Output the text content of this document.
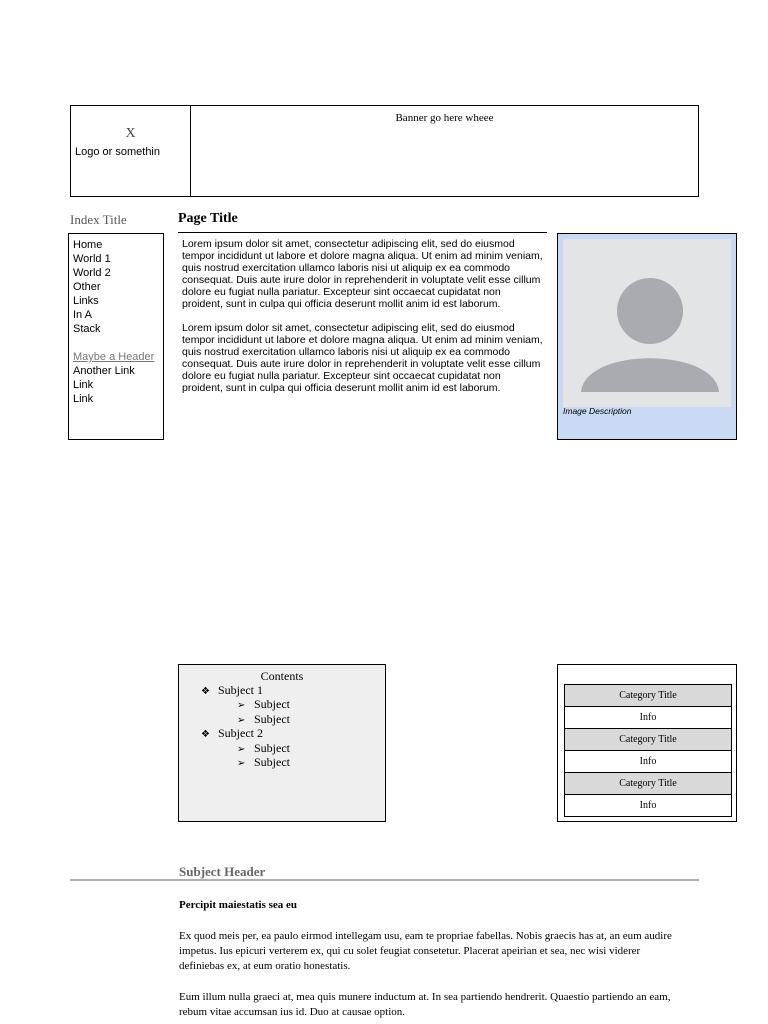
X
Logo or somethin
Banner go here wheee
Index Title
Home
World 1
World 2
Other
Links
In A
Stack
Maybe a Header
Another Link
Link
Link
Page Title

Lorem ipsum dolor sit amet, consectetur adipiscing elit, sed do eiusmod tempor incididunt ut labore et dolore magna aliqua. Ut enim ad minim veniam, quis nostrud exercitation ullamco laboris nisi ut aliquip ex ea commodo consequat. Duis aute irure dolor in reprehenderit in voluptate velit esse cillum dolore eu fugiat nulla pariatur. Excepteur sint occaecat cupidatat non proident, sunt in culpa qui officia deserunt mollit anim id est laborum.

Lorem ipsum dolor sit amet, consectetur adipiscing elit, sed do eiusmod tempor incididunt ut labore et dolore magna aliqua. Ut enim ad minim veniam, quis nostrud exercitation ullamco laboris nisi ut aliquip ex ea commodo consequat. Duis aute irure dolor in reprehenderit in voluptate velit esse cillum dolore eu fugiat nulla pariatur. Excepteur sint occaecat cupidatat non proident, sunt in culpa qui officia deserunt mollit anim id est laborum.

Image Description
Contents
❖ Subject 1
➢ Subject
➢ Subject
❖ Subject 2
➢ Subject
➢ Subject
Category Title
Info
Category Title
Info
Category Title
Info
Subject Header
Percipit maiestatis sea eu
Ex quod meis per, ea paulo eirmod intellegam usu, eam te propriae fabellas. Nobis graecis has at, an eum audire impetus. Ius epicuri verterem ex, qui cu solet feugiat consetetur. Placerat apeirian et sea, nec wisi viderer definiebas ex, at eum oratio honestatis.
Eum illum nulla graeci at, mea quis munere inductum at. In sea partiendo hendrerit. Quaestio partiendo an eam, rebum vitae accumsan ius id. Duo at causae option.
